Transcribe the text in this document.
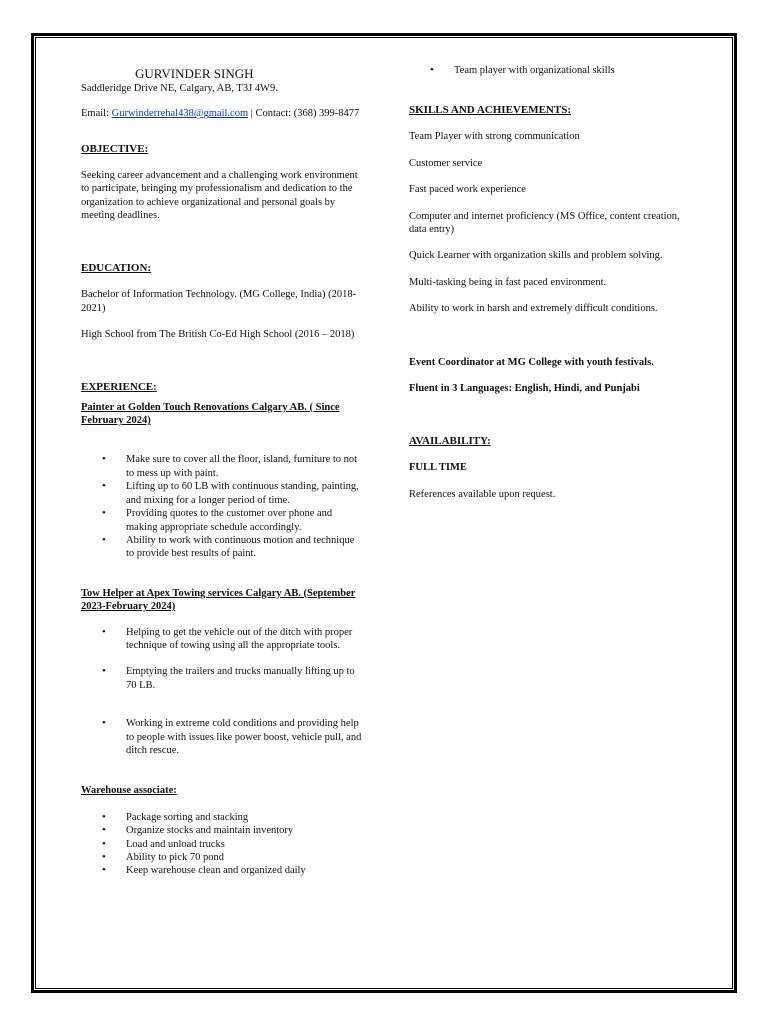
GURVINDER SINGH

Saddleridge Drive NE, Calgary, AB, T3J 4W9.

Email: Gurwinderrehal438@gmail.com | Contact: (368) 399-8477

OBJECTIVE:

Seeking career advancement and a challenging work environment to participate, bringing my professionalism and dedication to the organization to achieve organizational and personal goals by meeting deadlines.

EDUCATION:

Bachelor of Information Technology. (MG College, India) (2018-2021)

High School from The British Co-Ed High School (2016 – 2018)

EXPERIENCE:

Painter at Golden Touch Renovations Calgary AB. ( Since February 2024)

• Make sure to cover all the floor, island, furniture to not to mess up with paint.
• Lifting up to 60 LB with continuous standing, painting, and mixing for a longer period of time.
• Providing quotes to the customer over phone and making appropriate schedule accordingly.
• Ability to work with continuous motion and technique to provide best results of paint.

Tow Helper at Apex Towing services Calgary AB. (September 2023-February 2024)

• Helping to get the vehicle out of the ditch with proper technique of towing using all the appropriate tools.
• Emptying the trailers and trucks manually lifting up to 70 LB.
• Working in extreme cold conditions and providing help to people with issues like power boost, vehicle pull, and ditch rescue.

Warehouse associate:

• Package sorting and stacking
• Organize stocks and maintain inventory
• Load and unload trucks
• Ability to pick 70 pond
• Keep warehouse clean and organized daily
• Team player with organizational skills

SKILLS AND ACHIEVEMENTS:

Team Player with strong communication

Customer service

Fast paced work experience

Computer and internet proficiency (MS Office, content creation, data entry)

Quick Learner with organization skills and problem solving.

Multi-tasking being in fast paced environment.

Ability to work in harsh and extremely difficult conditions.

Event Coordinator at MG College with youth festivals.

Fluent in 3 Languages: English, Hindi, and Punjabi

AVAILABILITY:

FULL TIME

References available upon request.
